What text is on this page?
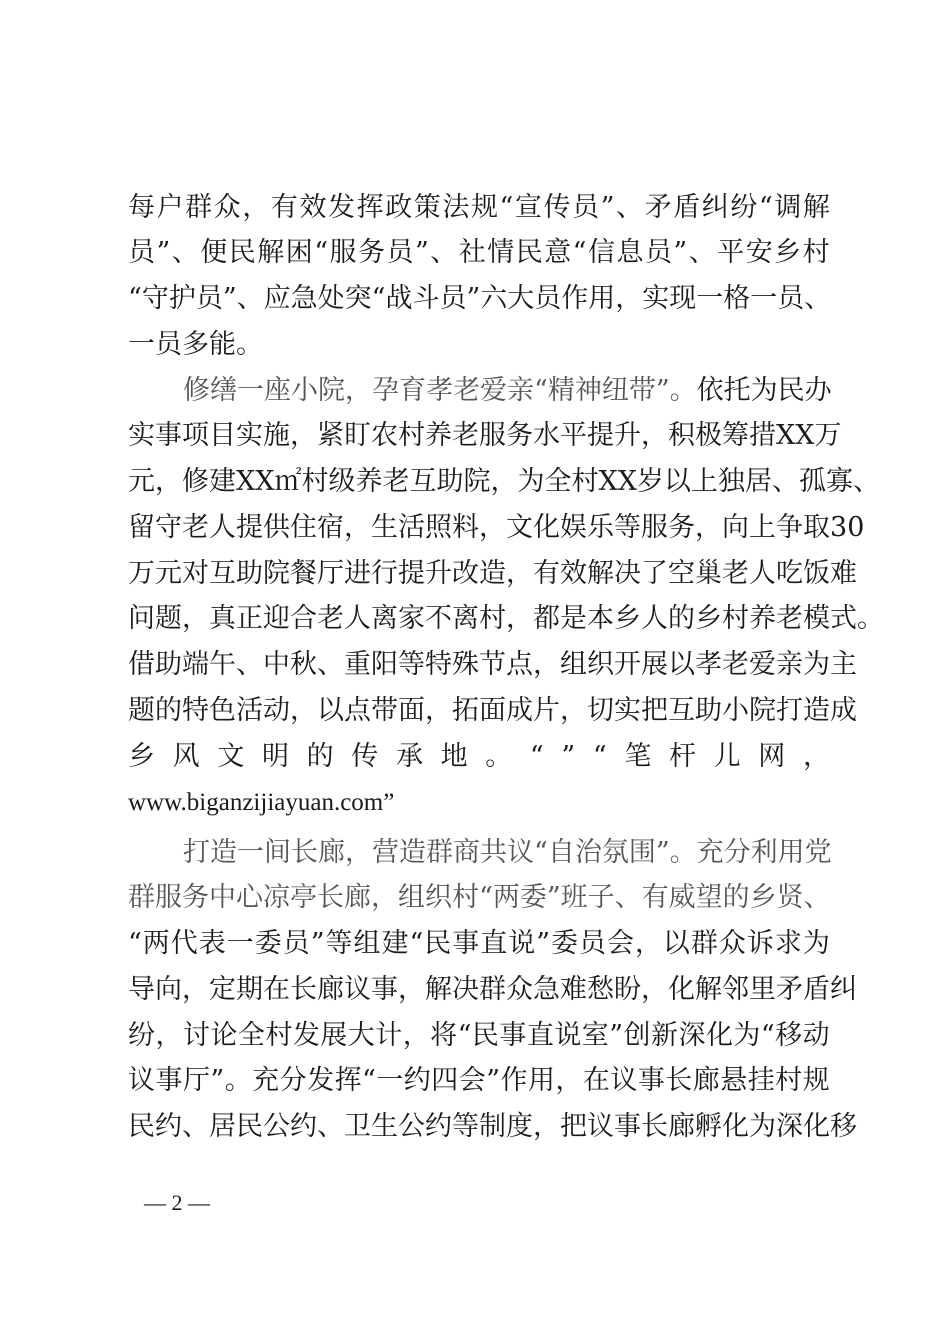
每 户 群 众 ， 有 效 发 挥 政 策 法 规 “ 宣 传 员 ” 、 矛 盾 纠 纷 “ 调 解
员 ” 、 便 民 解 困 “ 服 务 员 ” 、 社 情 民 意 “ 信 息 员 ” 、 平 安 乡 村
“ 守 护 员 ” 、 应 急 处 突 “ 战 斗 员 ” 六 大 员 作 用 ， 实 现 一 格 一 员 、
一员多能。
修 缮 一 座 小 院 ， 孕 育 孝 老 爱 亲 “ 精 神 纽 带 ” 。 依 托 为 民 办
实 事 项 目 实 施 ， 紧 盯 农 村 养 老 服 务 水 平 提 升 ， 积 极 筹 措 X X 万
元 ， 修 建 X X ㎡ 村 级 养 老 互 助 院 ， 为 全 村 X X 岁 以 上 独 居 、 孤 寡 、
留 守 老 人 提 供 住 宿 ， 生 活 照 料 ， 文 化 娱 乐 等 服 务 ， 向 上 争 取 3 0
万 元 对 互 助 院 餐 厅 进 行 提 升 改 造 ， 有 效 解 决 了 空 巢 老 人 吃 饭 难
问 题 ， 真 正 迎 合 老 人 离 家 不 离 村 ， 都 是 本 乡 人 的 乡 村 养 老 模 式 。
借 助 端 午 、 中 秋 、 重 阳 等 特 殊 节 点 ， 组 织 开 展 以 孝 老 爱 亲 为 主
题 的 特 色 活 动 ， 以 点 带 面 ， 拓 面 成 片 ， 切 实 把 互 助 小 院 打 造 成
乡 风 文 明 的 传 承 地 。 “ ” “ 笔 杆 儿 网 ，
www.biganzijiayuan.com”
打 造 一 间 长 廊 ， 营 造 群 商 共 议 “ 自 治 氛 围 ” 。 充 分 利 用 党
群 服 务 中 心 凉 亭 长 廊 ， 组 织 村 “ 两 委 ” 班 子 、 有 威 望 的 乡 贤 、
“ 两 代 表 一 委 员 ” 等 组 建 “ 民 事 直 说 ” 委 员 会 ， 以 群 众 诉 求 为
导 向 ， 定 期 在 长 廊 议 事 ， 解 决 群 众 急 难 愁 盼 ， 化 解 邻 里 矛 盾 纠
纷 ， 讨 论 全 村 发 展 大 计 ， 将 “ 民 事 直 说 室 ” 创 新 深 化 为 “ 移 动
议 事 厅 ” 。 充 分 发 挥 “ 一 约 四 会 ” 作 用 ， 在 议 事 长 廊 悬 挂 村 规
民 约 、 居 民 公 约 、 卫 生 公 约 等 制 度 ， 把 议 事 长 廊 孵 化 为 深 化 移
— 2 —
